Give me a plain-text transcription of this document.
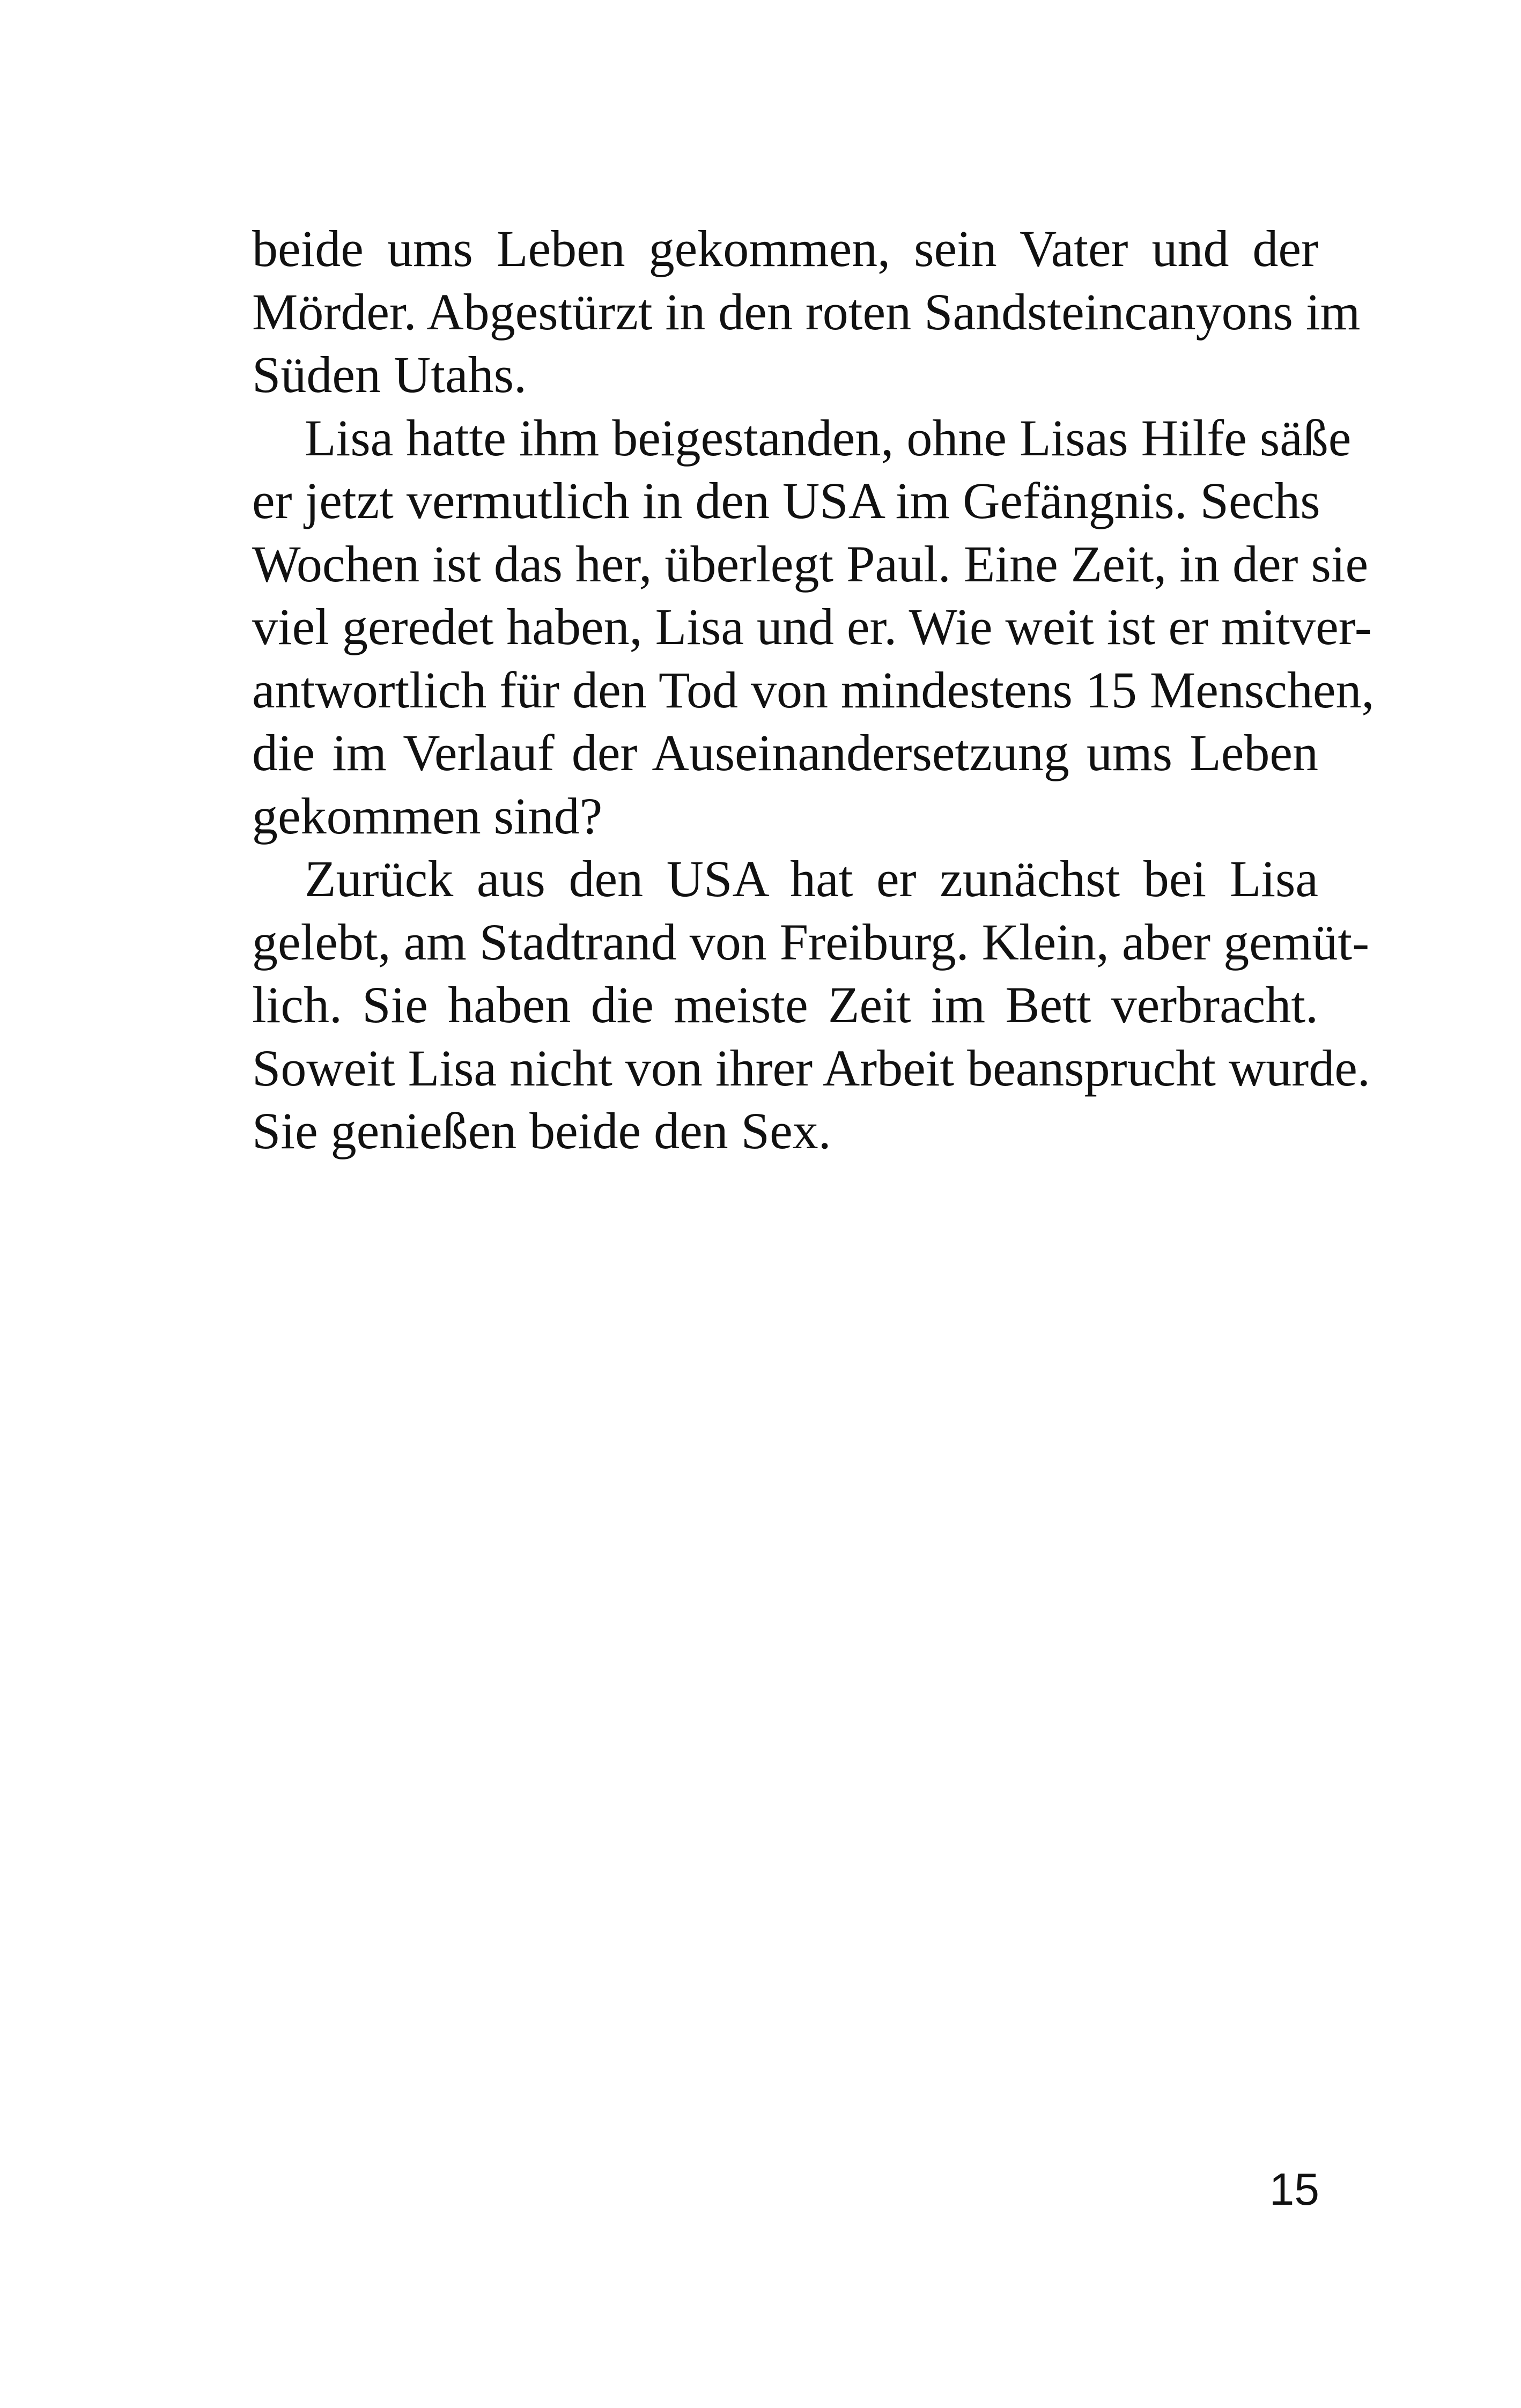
beide ums Leben gekommen, sein Vater und der
Mörder. Abgestürzt in den roten Sandsteincanyons im
Süden Utahs.
Lisa hatte ihm beigestanden, ohne Lisas Hilfe säße
er jetzt vermutlich in den USA im Gefängnis. Sechs
Wochen ist das her, überlegt Paul. Eine Zeit, in der sie
viel geredet haben, Lisa und er. Wie weit ist er mitver-
antwortlich für den Tod von mindestens 15 Menschen,
die im Verlauf der Auseinandersetzung ums Leben
gekommen sind?
Zurück aus den USA hat er zunächst bei Lisa
gelebt, am Stadtrand von Freiburg. Klein, aber gemüt-
lich. Sie haben die meiste Zeit im Bett verbracht.
Soweit Lisa nicht von ihrer Arbeit beansprucht wurde.
Sie genießen beide den Sex.
15
